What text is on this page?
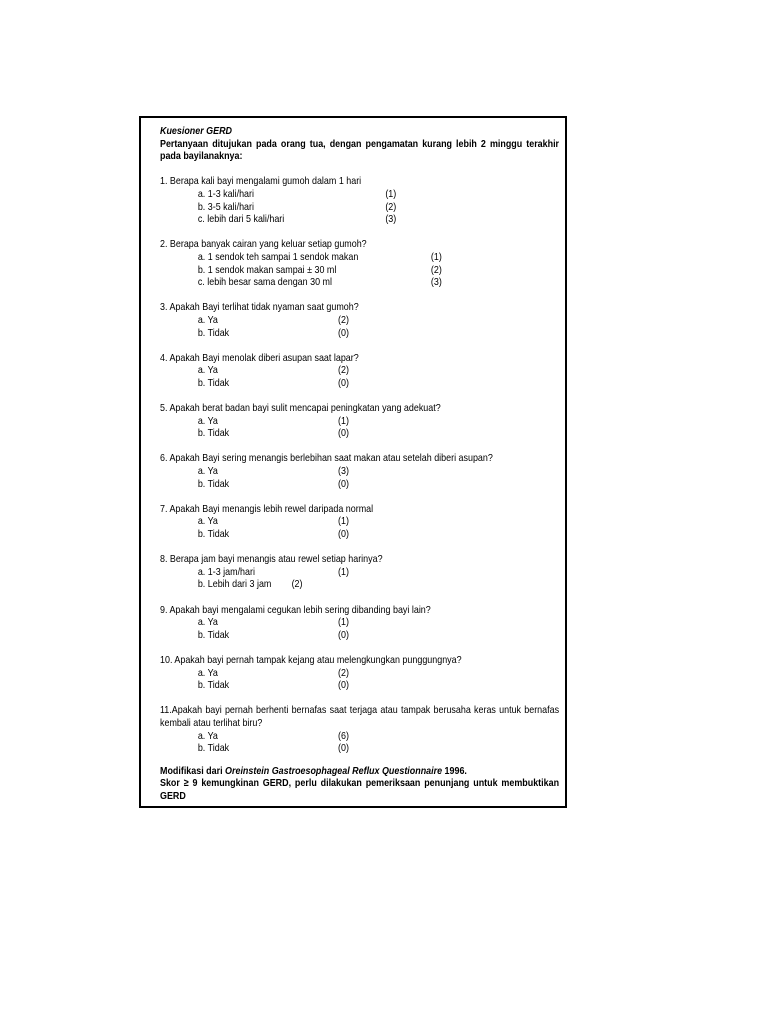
Kuesioner GERD

Pertanyaan ditujukan pada orang tua, dengan pengamatan kurang lebih 2 minggu terakhir pada bayilanaknya:

1. Berapa kali bayi mengalami gumoh dalam 1 hari

a. 1-3 kali/hari	(1)
b. 3-5 kali/hari	(2)
c. lebih dari 5 kali/hari	(3)

2. Berapa banyak cairan yang keluar setiap gumoh?

a. 1 sendok teh sampai 1 sendok makan	(1)
b. 1 sendok makan sampai ± 30 ml	(2)
c. lebih besar sama dengan 30 ml	(3)

3. Apakah Bayi terlihat tidak nyaman saat gumoh?

a. Ya	(2)
b. Tidak	(0)

4. Apakah Bayi menolak diberi asupan saat lapar?

a. Ya	(2)
b. Tidak	(0)

5. Apakah berat badan bayi sulit mencapai peningkatan yang adekuat?

a. Ya	(1)
b. Tidak	(0)

6. Apakah Bayi sering menangis berlebihan saat makan atau setelah diberi asupan?

a. Ya	(3)
b. Tidak	(0)

7. Apakah Bayi menangis lebih rewel daripada normal

a. Ya	(1)
b. Tidak	(0)

8. Berapa jam bayi menangis atau rewel setiap harinya?

a. 1-3 jam/hari	(1)
b. Lebih dari 3 jam (2)

9. Apakah bayi mengalami cegukan lebih sering dibanding bayi lain?

a. Ya	(1)
b. Tidak	(0)

10. Apakah bayi pernah tampak kejang atau melengkungkan punggungnya?

a. Ya	(2)
b. Tidak	(0)

11.Apakah bayi pernah berhenti bernafas saat terjaga atau tampak berusaha keras untuk bernafas kembali atau terlihat biru?

a. Ya	(6)
b. Tidak	(0)

Modifikasi dari Oreinstein Gastroesophageal Reflux Questionnaire 1996.

Skor ≥ 9 kemungkinan GERD, perlu dilakukan pemeriksaan penunjang untuk membuktikan GERD
